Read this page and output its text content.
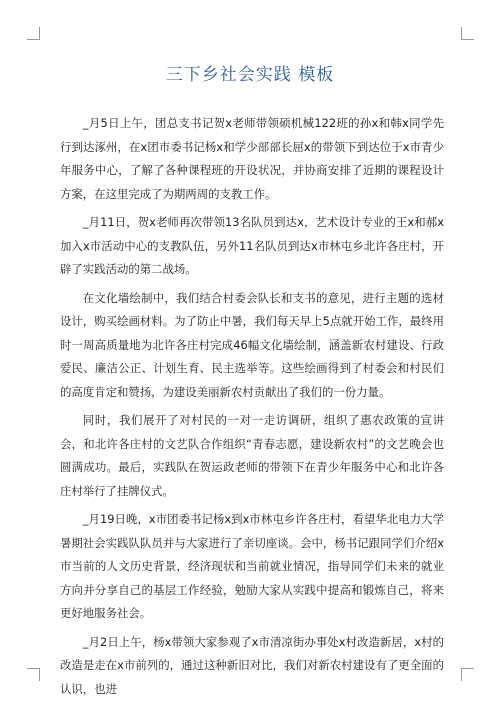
三下乡社会实践 模板

_月5日上午，团总支书记贺x老师带领硕机械122班的孙x和韩x同学先行到达涿州，在x团市委书记杨x和学少部部长屈x的带领下到达位于x市青少年服务中心，了解了各种课程班的开设状况，并协商安排了近期的课程设计方案，在这里完成了为期两周的支教工作。

_月11日，贺x老师再次带领13名队员到达x，艺术设计专业的王x和郝x加入x市活动中心的支教队伍，另外11名队员到达x市林屯乡北许各庄村，开辟了实践活动的第二战场。

在文化墙绘制中，我们结合村委会队长和支书的意见，进行主题的选材设计，购买绘画材料。为了防止中暑，我们每天早上5点就开始工作，最终用时一周高质量地为北许各庄村完成46幅文化墙绘制，涵盖新农村建设、行政爱民、廉洁公正、计划生育、民主选举等。这些绘画得到了村委会和村民们的高度肯定和赞扬，为建设美丽新农村贡献出了我们的一份力量。

同时，我们展开了对村民的一对一走访调研，组织了惠农政策的宣讲会，和北许各庄村的文艺队合作组织“青春志愿，建设新农村”的文艺晚会也圆满成功。最后，实践队在贺运政老师的带领下在青少年服务中心和北许各庄村举行了挂牌仪式。

_月19日晚，x市团委书记杨x到x市林屯乡许各庄村，看望华北电力大学暑期社会实践队队员并与大家进行了亲切座谈。会中，杨书记跟同学们介绍x市当前的人文历史背景，经济现状和当前就业情况，指导同学们未来的就业方向并分享自己的基层工作经验，勉励大家从实践中提高和锻炼自己，将来更好地服务社会。

_月2日上午，杨x带领大家参观了x市清凉街办事处x村改造新居，x村的改造是走在x市前列的，通过这种新旧对比，我们对新农村建设有了更全面的认识，也进
